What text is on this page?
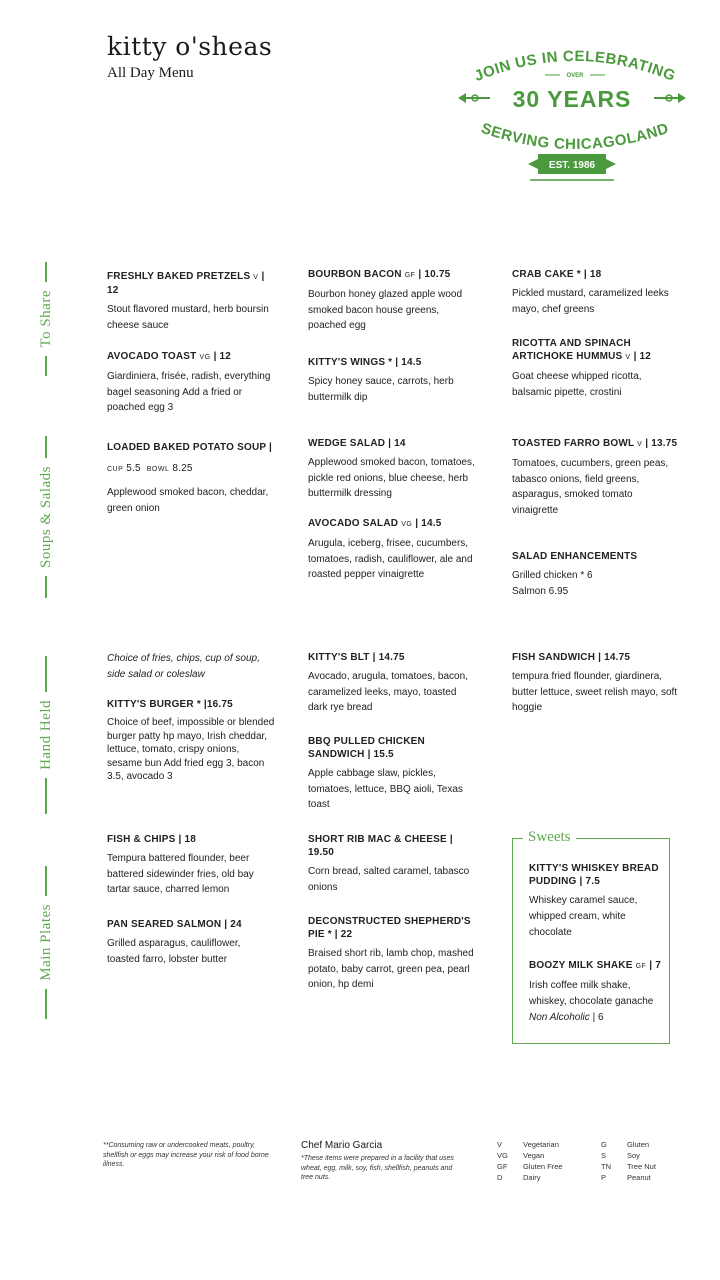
kitty o'sheas
All Day Menu	JOIN US IN CELEBRATING
OVER
30 YEARS
SERVING CHICAGOLAND
EST. 1986
To Share
Soups & Salads
Hand Held
Main Plates
FRESHLY BAKED PRETZELS V | 12
Stout flavored mustard, herb boursin cheese sauce
AVOCADO TOAST VG | 12
Giardiniera, frisée, radish, everything bagel seasoning Add a fried or poached egg 3
BOURBON BACON GF | 10.75
Bourbon honey glazed apple wood smoked bacon house greens, poached egg
KITTY'S WINGS * | 14.5
Spicy honey sauce, carrots, herb buttermilk dip
CRAB CAKE * | 18
Pickled mustard, caramelized leeks mayo, chef greens
RICOTTA AND SPINACH ARTICHOKE HUMMUS V | 12
Goat cheese whipped ricotta, balsamic pipette, crostini
LOADED BAKED POTATO SOUP | CUP 5.5 BOWL 8.25
Applewood smoked bacon, cheddar, green onion
WEDGE SALAD | 14
Applewood smoked bacon, tomatoes, pickle red onions, blue cheese, herb buttermilk dressing
AVOCADO SALAD VG | 14.5
Arugula, iceberg, frisee, cucumbers, tomatoes, radish, cauliflower, ale and roasted pepper vinaigrette
TOASTED FARRO BOWL V | 13.75
Tomatoes, cucumbers, green peas, tabasco onions, field greens, asparagus, smoked tomato vinaigrette
SALAD ENHANCEMENTS
Grilled chicken * 6
Salmon 6.95
Choice of fries, chips, cup of soup, side salad or coleslaw
KITTY'S BURGER * |16.75
Choice of beef, impossible or blended burger patty hp mayo, Irish cheddar, lettuce, tomato, crispy onions, sesame bun Add fried egg 3, bacon 3.5, avocado 3
KITTY'S BLT | 14.75
Avocado, arugula, tomatoes, bacon, caramelized leeks, mayo, toasted dark rye bread
BBQ PULLED CHICKEN SANDWICH | 15.5
Apple cabbage slaw, pickles, tomatoes, lettuce, BBQ aioli, Texas toast
FISH SANDWICH | 14.75
tempura fried flounder, giardinera, butter lettuce, sweet relish mayo, soft hoggie
FISH & CHIPS | 18
Tempura battered flounder, beer battered sidewinder fries, old bay tartar sauce, charred lemon
PAN SEARED SALMON | 24
Grilled asparagus, cauliflower, toasted farro, lobster butter
SHORT RIB MAC & CHEESE | 19.50
Corn bread, salted caramel, tabasco onions
DECONSTRUCTED SHEPHERD'S PIE * | 22
Braised short rib, lamb chop, mashed potato, baby carrot, green pea, pearl onion, hp demi
Sweets
KITTY'S WHISKEY BREAD PUDDING | 7.5
Whiskey caramel sauce, whipped cream, white chocolate
BOOZY MILK SHAKE GF | 7
Irish coffee milk shake, whiskey, chocolate ganache Non Alcoholic | 6
**Consuming raw or undercooked meats, poultry, shellfish or eggs may increase your risk of food borne illness.
Chef Mario Garcia
*These items were prepared in a facility that uses wheat, egg, milk, soy, fish, shellfish, peanuts and tree nuts.
V	Vegetarian
VG	Vegan
GF	Gluten Free
D	Dairy
G	Gluten
S	Soy
TN	Tree Nut
P	Peanut
